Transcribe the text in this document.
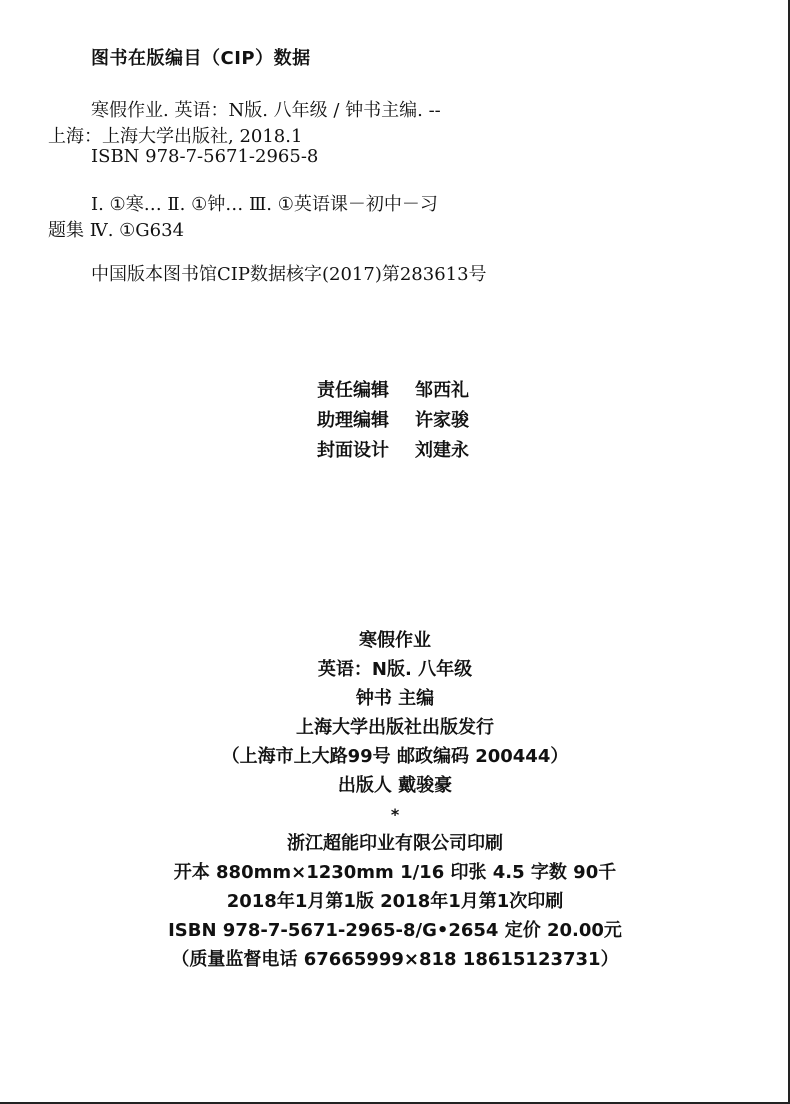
图书在版编目（CIP）数据
寒假作业. 英语：N版. 八年级 / 钟书主编. --
上海：上海大学出版社, 2018.1
ISBN 978-7-5671-2965-8
Ⅰ. ①寒… Ⅱ. ①钟… Ⅲ. ①英语课－初中－习
题集 Ⅳ. ①G634
中国版本图书馆CIP数据核字(2017)第283613号
责任编辑 邹西礼
助理编辑 许家骏
封面设计 刘建永
寒假作业
英语：N版. 八年级
钟书 主编
上海大学出版社出版发行
（上海市上大路99号 邮政编码 200444）
出版人 戴骏豪
*
浙江超能印业有限公司印刷
开本 880mm×1230mm 1/16 印张 4.5 字数 90千
2018年1月第1版 2018年1月第1次印刷
ISBN 978-7-5671-2965-8/G•2654 定价 20.00元
（质量监督电话 67665999×818 18615123731）
